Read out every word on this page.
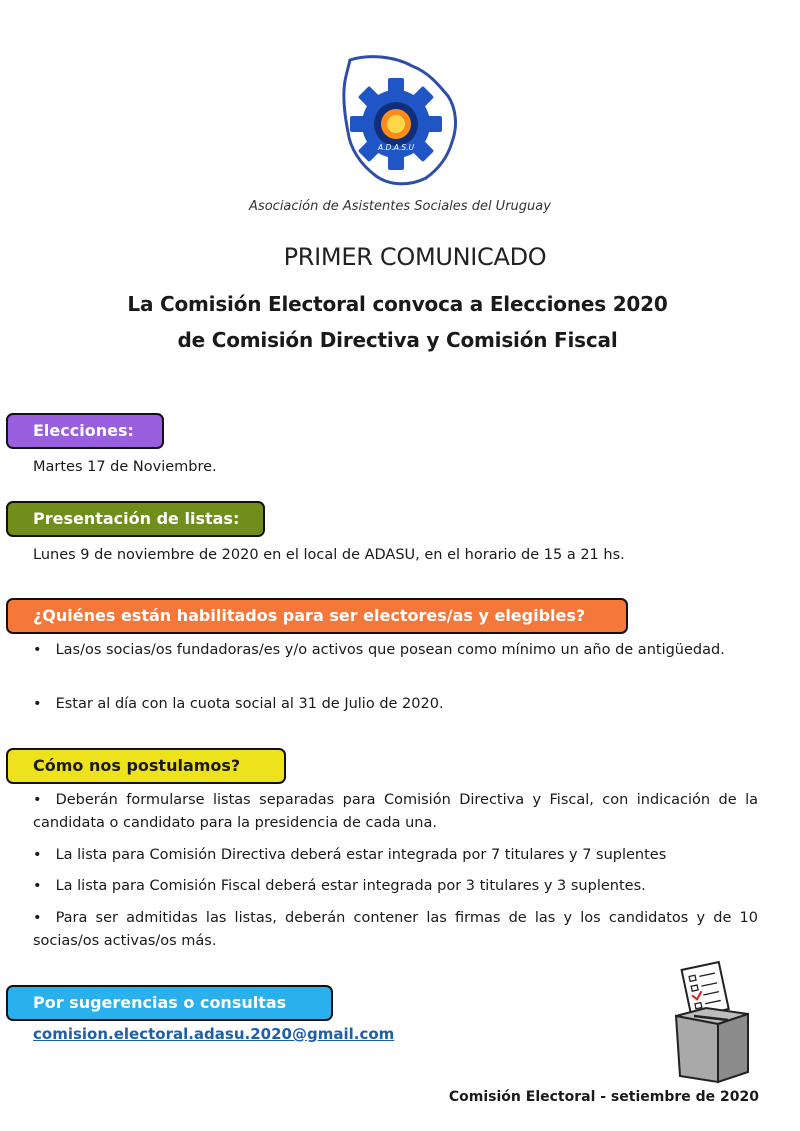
A.D.A.S.U
Asociación de Asistentes Sociales del Uruguay
PRIMER COMUNICADO
La Comisión Electoral convoca a Elecciones 2020
de Comisión Directiva y Comisión Fiscal
Elecciones:
Martes 17 de Noviembre.
Presentación de listas:
Lunes 9 de noviembre de 2020 en el local de ADASU, en el horario de 15 a 21 hs.
¿Quiénes están habilitados para ser electores/as y elegibles?
• Las/os socias/os fundadoras/es y/o activos que posean como mínimo un año de antigüedad.
• Estar al día con la cuota social al 31 de Julio de 2020.
Cómo nos postulamos?
• Deberán formularse listas separadas para Comisión Directiva y Fiscal, con indicación de la candidata o candidato para la presidencia de cada una.
• La lista para Comisión Directiva deberá estar integrada por 7 titulares y 7 suplentes
• La lista para Comisión Fiscal deberá estar integrada por 3 titulares y 3 suplentes.
• Para ser admitidas las listas, deberán contener las firmas de las y los candidatos y de 10 socias/os activas/os más.
Por sugerencias o consultas
comision.electoral.adasu.2020@gmail.com
Comisión Electoral - setiembre de 2020
